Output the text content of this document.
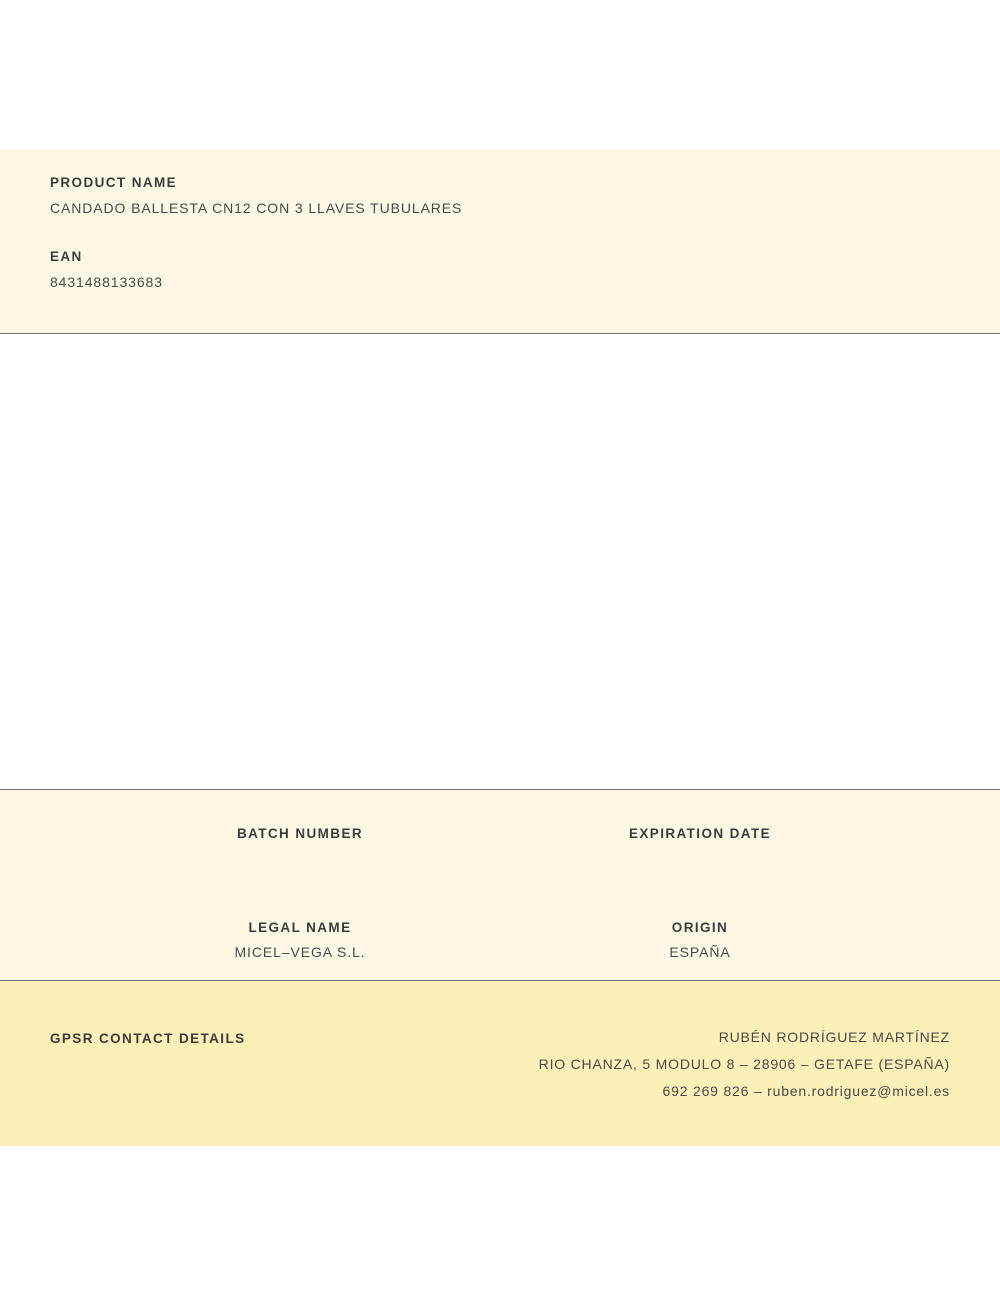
PRODUCT NAME

CANDADO BALLESTA CN12 CON 3 LLAVES TUBULARES

EAN

8431488133683

BATCH NUMBER	EXPIRATION DATE

LEGAL NAME

MICEL–VEGA S.L.

ORIGIN

ESPAÑA

GPSR CONTACT DETAILS	RUBÉN RODRÍGUEZ MARTÍNEZ

RIO CHANZA, 5 MODULO 8 – 28906 – GETAFE (ESPAÑA)

692 269 826 – ruben.rodriguez@micel.es
